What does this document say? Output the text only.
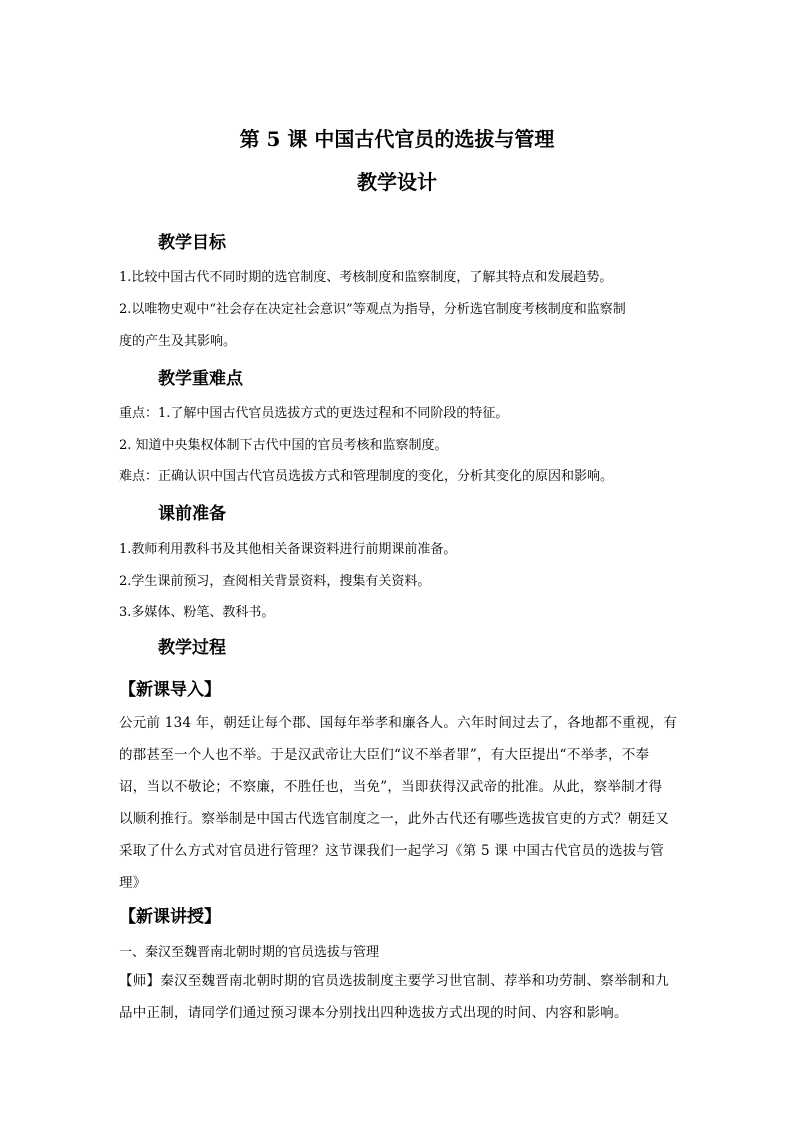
第 5 课 中国古代官员的选拔与管理
教学设计
教学目标
1.比较中国古代不同时期的选官制度、考核制度和监察制度，了解其特点和发展趋势。
2.以唯物史观中“社会存在决定社会意识”等观点为指导，分析选官制度考核制度和监察制
度的产生及其影响。
教学重难点
重点：1.了解中国古代官员选拔方式的更迭过程和不同阶段的特征。
2. 知道中央集权体制下古代中国的官员考核和监察制度。
难点：正确认识中国古代官员选拔方式和管理制度的变化，分析其变化的原因和影响。
课前准备
1.教师利用教科书及其他相关备课资料进行前期课前准备。
2.学生课前预习，查阅相关背景资料，搜集有关资料。
3.多媒体、粉笔、教科书。
教学过程
【新课导入】
公元前 134 年，朝廷让每个郡、国每年举孝和廉各人。六年时间过去了，各地都不重视，有
的郡甚至一个人也不举。于是汉武帝让大臣们“议不举者罪”，有大臣提出“不举孝，不奉
诏，当以不敬论；不察廉，不胜任也，当免”，当即获得汉武帝的批准。从此，察举制才得
以顺利推行。察举制是中国古代选官制度之一，此外古代还有哪些选拔官吏的方式？朝廷又
采取了什么方式对官员进行管理？这节课我们一起学习《第 5 课 中国古代官员的选拔与管
理》
【新课讲授】
一、秦汉至魏晋南北朝时期的官员选拔与管理
【师】秦汉至魏晋南北朝时期的官员选拔制度主要学习世官制、荐举和功劳制、察举制和九
品中正制，请同学们通过预习课本分别找出四种选拔方式出现的时间、内容和影响。
